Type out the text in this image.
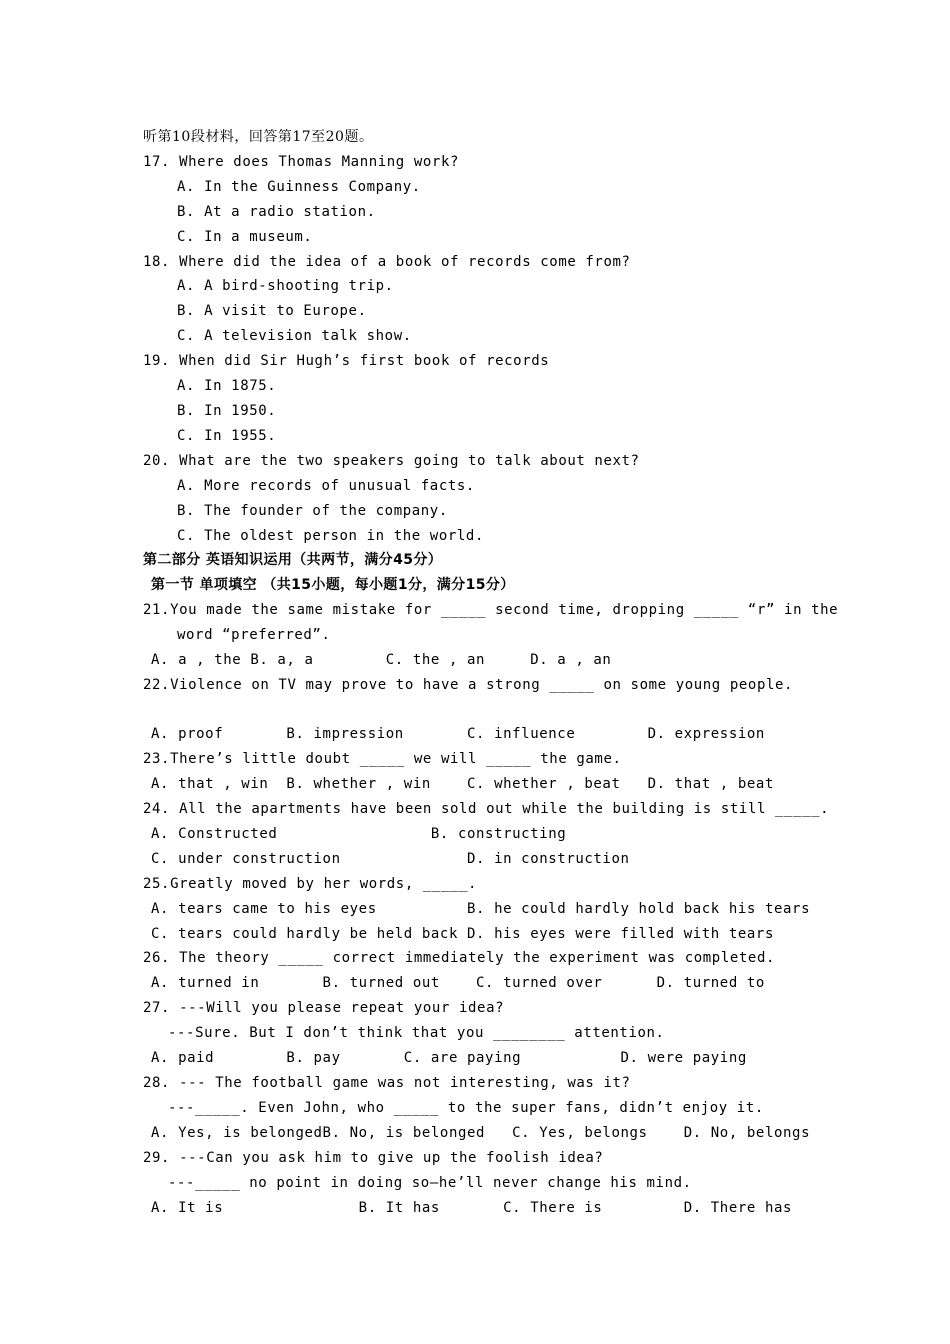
听第10段材料，回答第17至20题。
17. Where does Thomas Manning work?
A. In the Guinness Company.
B. At a radio station.
C. In a museum.
18. Where did the idea of a book of records come from?
A. A bird-shooting trip.
B. A visit to Europe.
C. A television talk show.
19. When did Sir Hugh’s first book of records
A. In 1875.
B. In 1950.
C. In 1955.
20. What are the two speakers going to talk about next?
A. More records of unusual facts.
B. The founder of the company.
C. The oldest person in the world.
第二部分 英语知识运用（共两节，满分45分）
第一节 单项填空 （共15小题，每小题1分，满分15分）
21.You made the same mistake for _____ second time, dropping _____ “r” in the
word “preferred”.
A. a , the B. a, a        C. the , an     D. a , an
22.Violence on TV may prove to have a strong _____ on some young people.
A. proof       B. impression       C. influence        D. expression
23.There’s little doubt _____ we will _____ the game.
A. that , win  B. whether , win    C. whether , beat   D. that , beat
24. All the apartments have been sold out while the building is still _____.
A. Constructed                 B. constructing
C. under construction              D. in construction
25.Greatly moved by her words, _____.
A. tears came to his eyes          B. he could hardly hold back his tears
C. tears could hardly be held back D. his eyes were filled with tears
26. The theory _____ correct immediately the experiment was completed.
A. turned in       B. turned out    C. turned over      D. turned to
27. ---Will you please repeat your idea?
---Sure. But I don’t think that you ________ attention.
A. paid        B. pay       C. are paying           D. were paying
28. --- The football game was not interesting, was it?
---_____. Even John, who _____ to the super fans, didn’t enjoy it.
A. Yes, is belongedB. No, is belonged   C. Yes, belongs    D. No, belongs
29. ---Can you ask him to give up the foolish idea?
---_____ no point in doing so—he’ll never change his mind.
A. It is               B. It has       C. There is         D. There has
